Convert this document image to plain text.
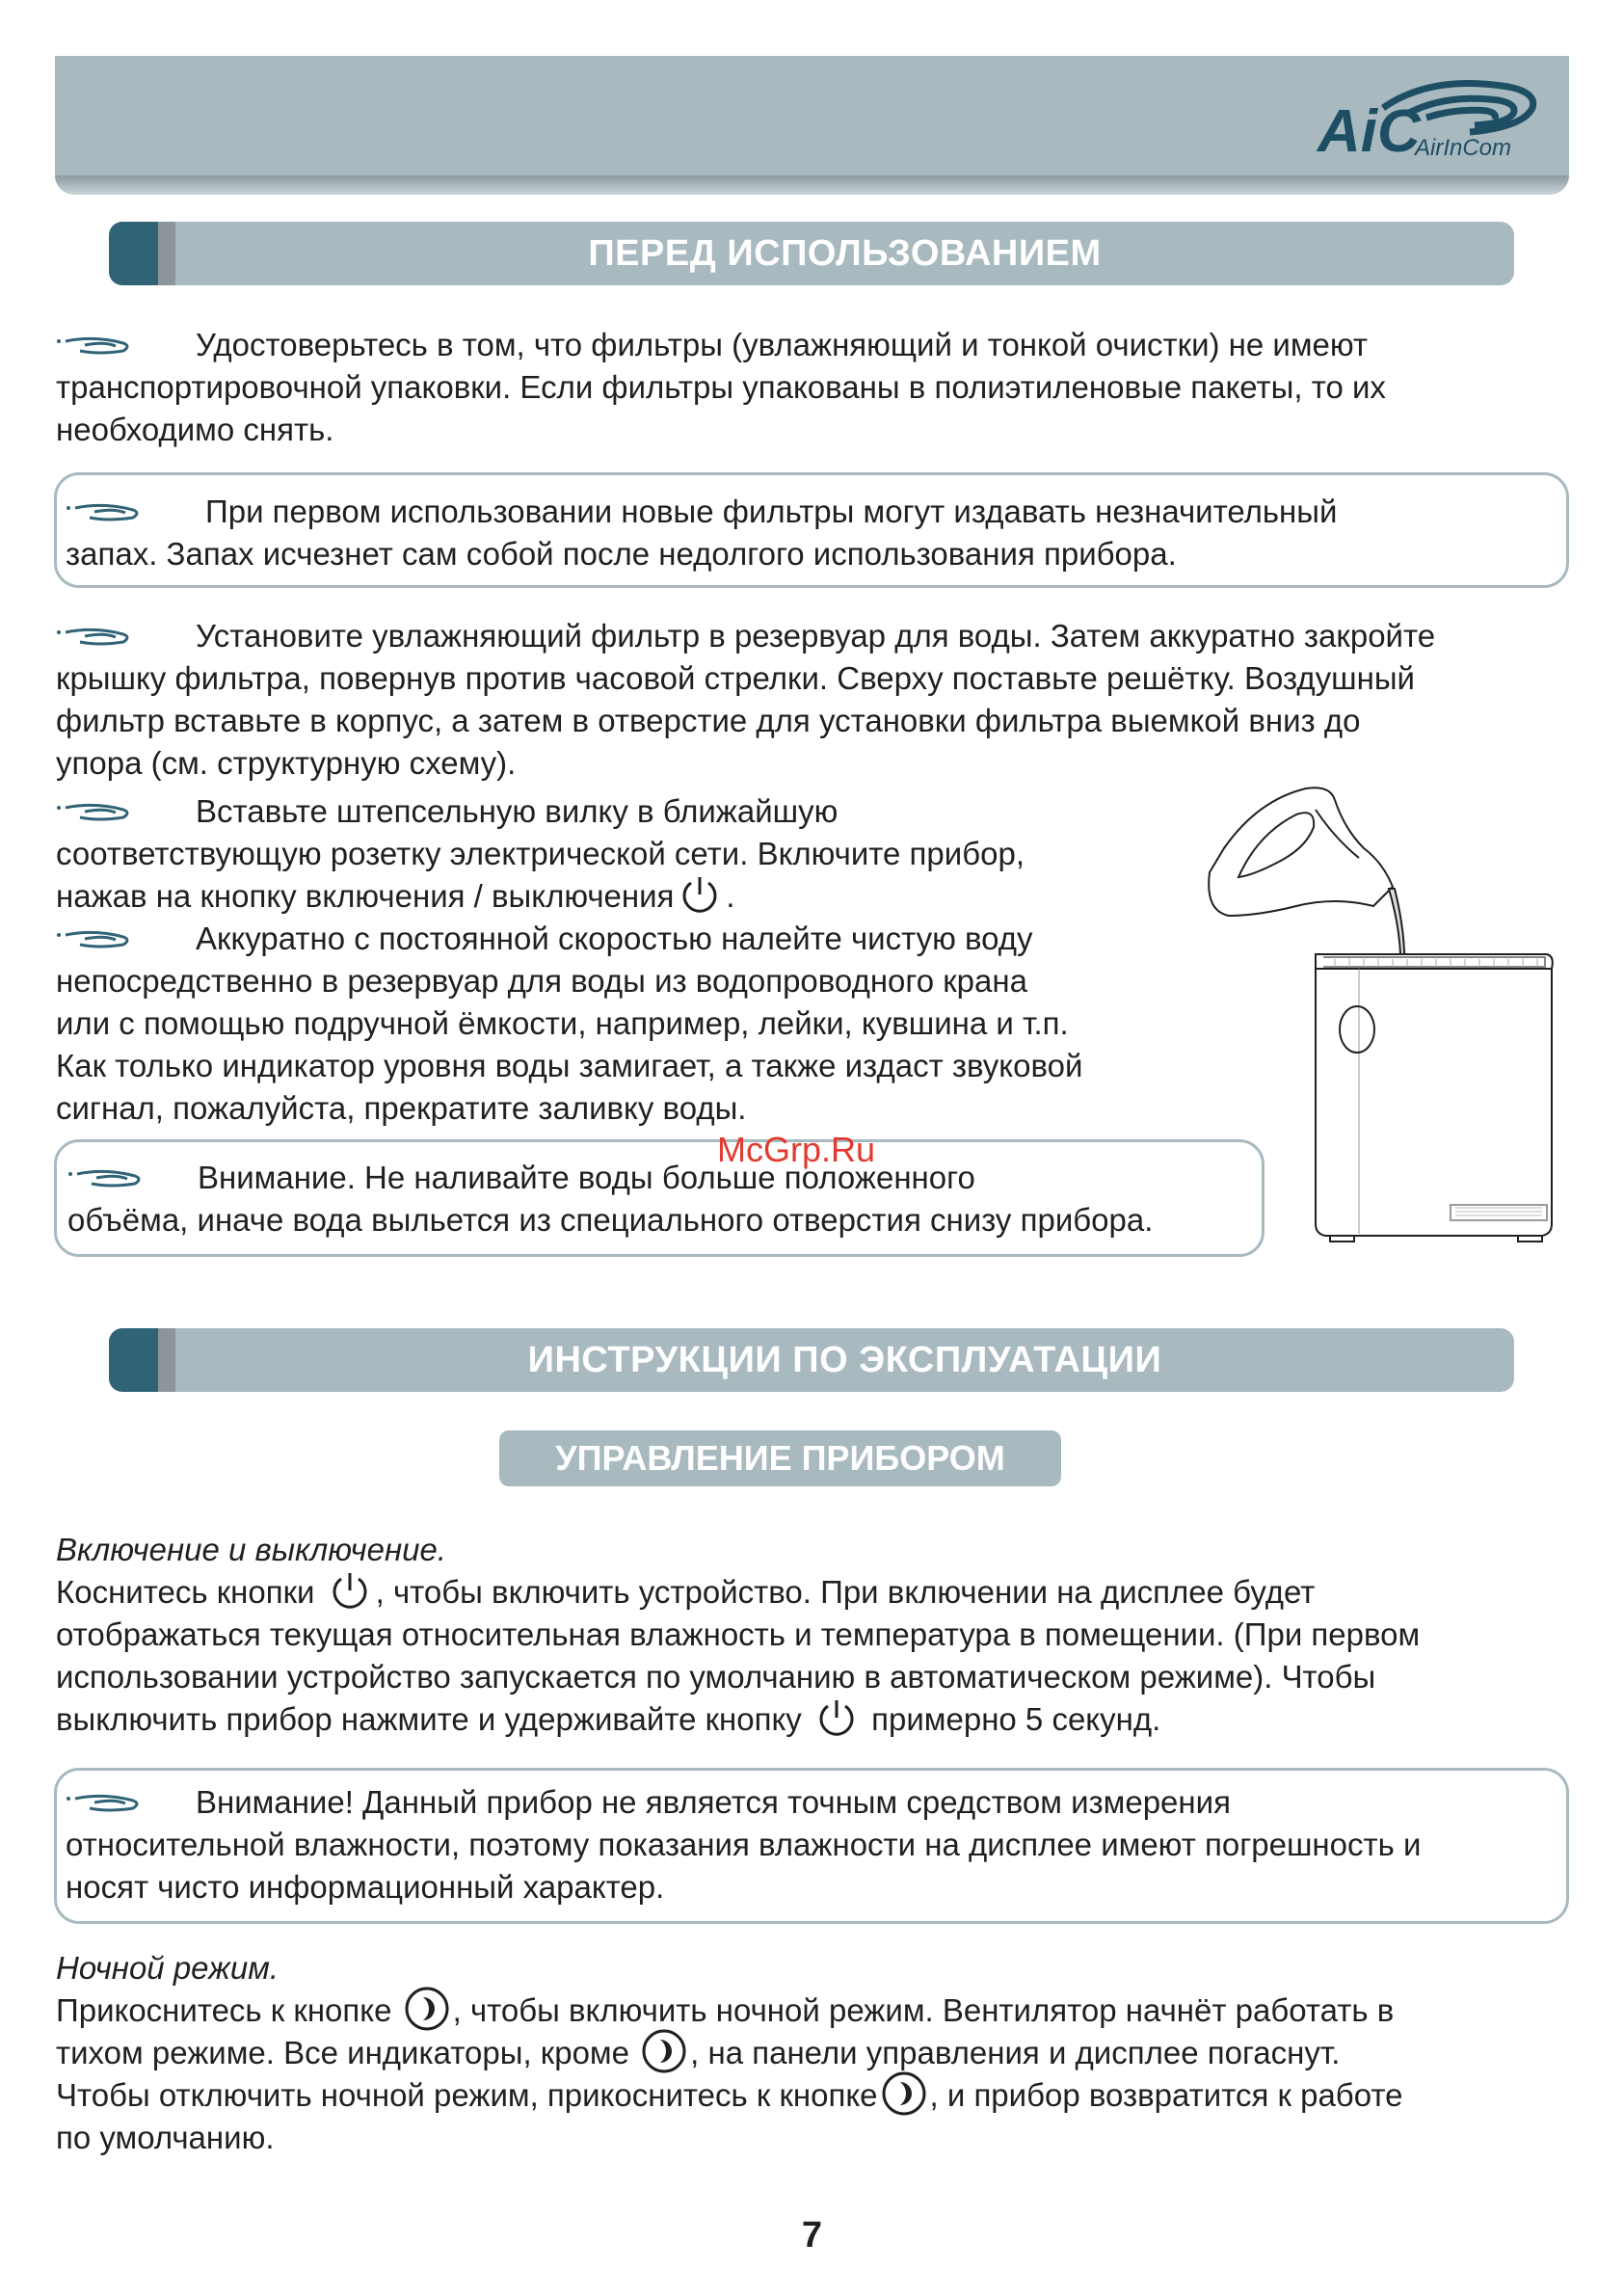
AiC
AirInCom
ПЕРЕД ИСПОЛЬЗОВАНИЕМ
Удостоверьтесь в том, что фильтры (увлажняющий и тонкой очистки) не имеют
транспортировочной упаковки. Если фильтры упакованы в полиэтиленовые пакеты, то их
необходимо снять.
При первом использовании новые фильтры могут издавать незначительный
запах. Запах исчезнет сам собой после недолгого использования прибора.
Установите увлажняющий фильтр в резервуар для воды. Затем аккуратно закройте
крышку фильтра, повернув против часовой стрелки. Сверху поставьте решётку. Воздушный
фильтр вставьте в корпус, а затем в отверстие для установки фильтра выемкой вниз до
упора (см. структурную схему).
Вставьте штепсельную вилку в ближайшую
соответствующую розетку электрической сети. Включите прибор,
нажав на кнопку включения / выключения .
Аккуратно с постоянной скоростью налейте чистую воду
непосредственно в резервуар для воды из водопроводного крана
или с помощью подручной ёмкости, например, лейки, кувшина и т.п.
Как только индикатор уровня воды замигает, а также издаст звуковой
сигнал, пожалуйста, прекратите заливку воды.
Внимание. Не наливайте воды больше положенного
объёма, иначе вода выльется из специального отверстия снизу прибора.
McGrp.Ru
ИНСТРУКЦИИ ПО ЭКСПЛУАТАЦИИ
УПРАВЛЕНИЕ ПРИБОРОМ
Включение и выключение.
Коснитесь кнопки , чтобы включить устройство. При включении на дисплее будет
отображаться текущая относительная влажность и температура в помещении. (При первом
использовании устройство запускается по умолчанию в автоматическом режиме). Чтобы
выключить прибор нажмите и удерживайте кнопку примерно 5 секунд.
Внимание! Данный прибор не является точным средством измерения
относительной влажности, поэтому показания влажности на дисплее имеют погрешность и
носят чисто информационный характер.
Ночной режим.
Прикоснитесь к кнопке , чтобы включить ночной режим. Вентилятор начнёт работать в
тихом режиме. Все индикаторы, кроме , на панели управления и дисплее погаснут.
Чтобы отключить ночной режим, прикоснитесь к кнопке , и прибор возвратится к работе
по умолчанию.
7
